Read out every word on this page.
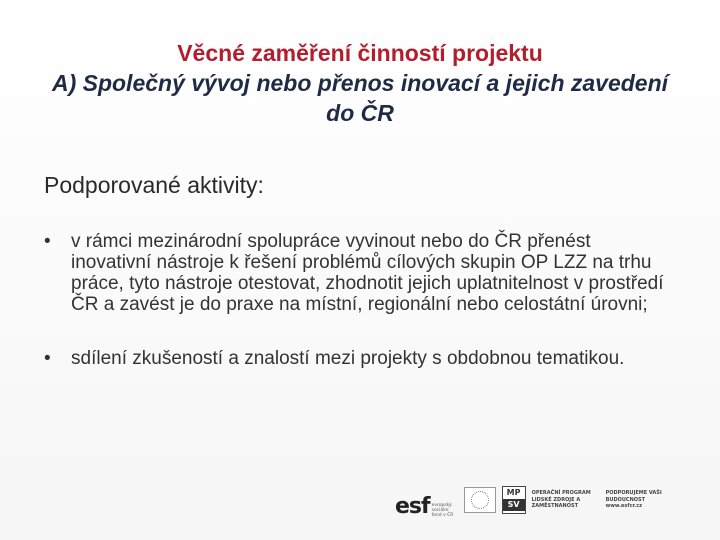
Věcné zaměření činností projektu
A) Společný vývoj nebo přenos inovací a jejich zavedení do ČR
Podporované aktivity:
• v rámci mezinárodní spolupráce vyvinout nebo do ČR přenést inovativní nástroje k řešení problémů cílových skupin OP LZZ na trhu práce, tyto nástroje otestovat, zhodnotit jejich uplatnitelnost v prostředí ČR a zavést je do praxe na místní, regionální nebo celostátní úrovni;
• sdílení zkušeností a znalostí mezi projekty s obdobnou tematikou.
esf evropský sociální fond v ČR
MP
SV
OPERAČNÍ PROGRAM LIDSKÉ ZDROJE A ZAMĚSTNANOST
PODPORUJEME VAŠI BUDOUCNOST www.esfcr.cz
